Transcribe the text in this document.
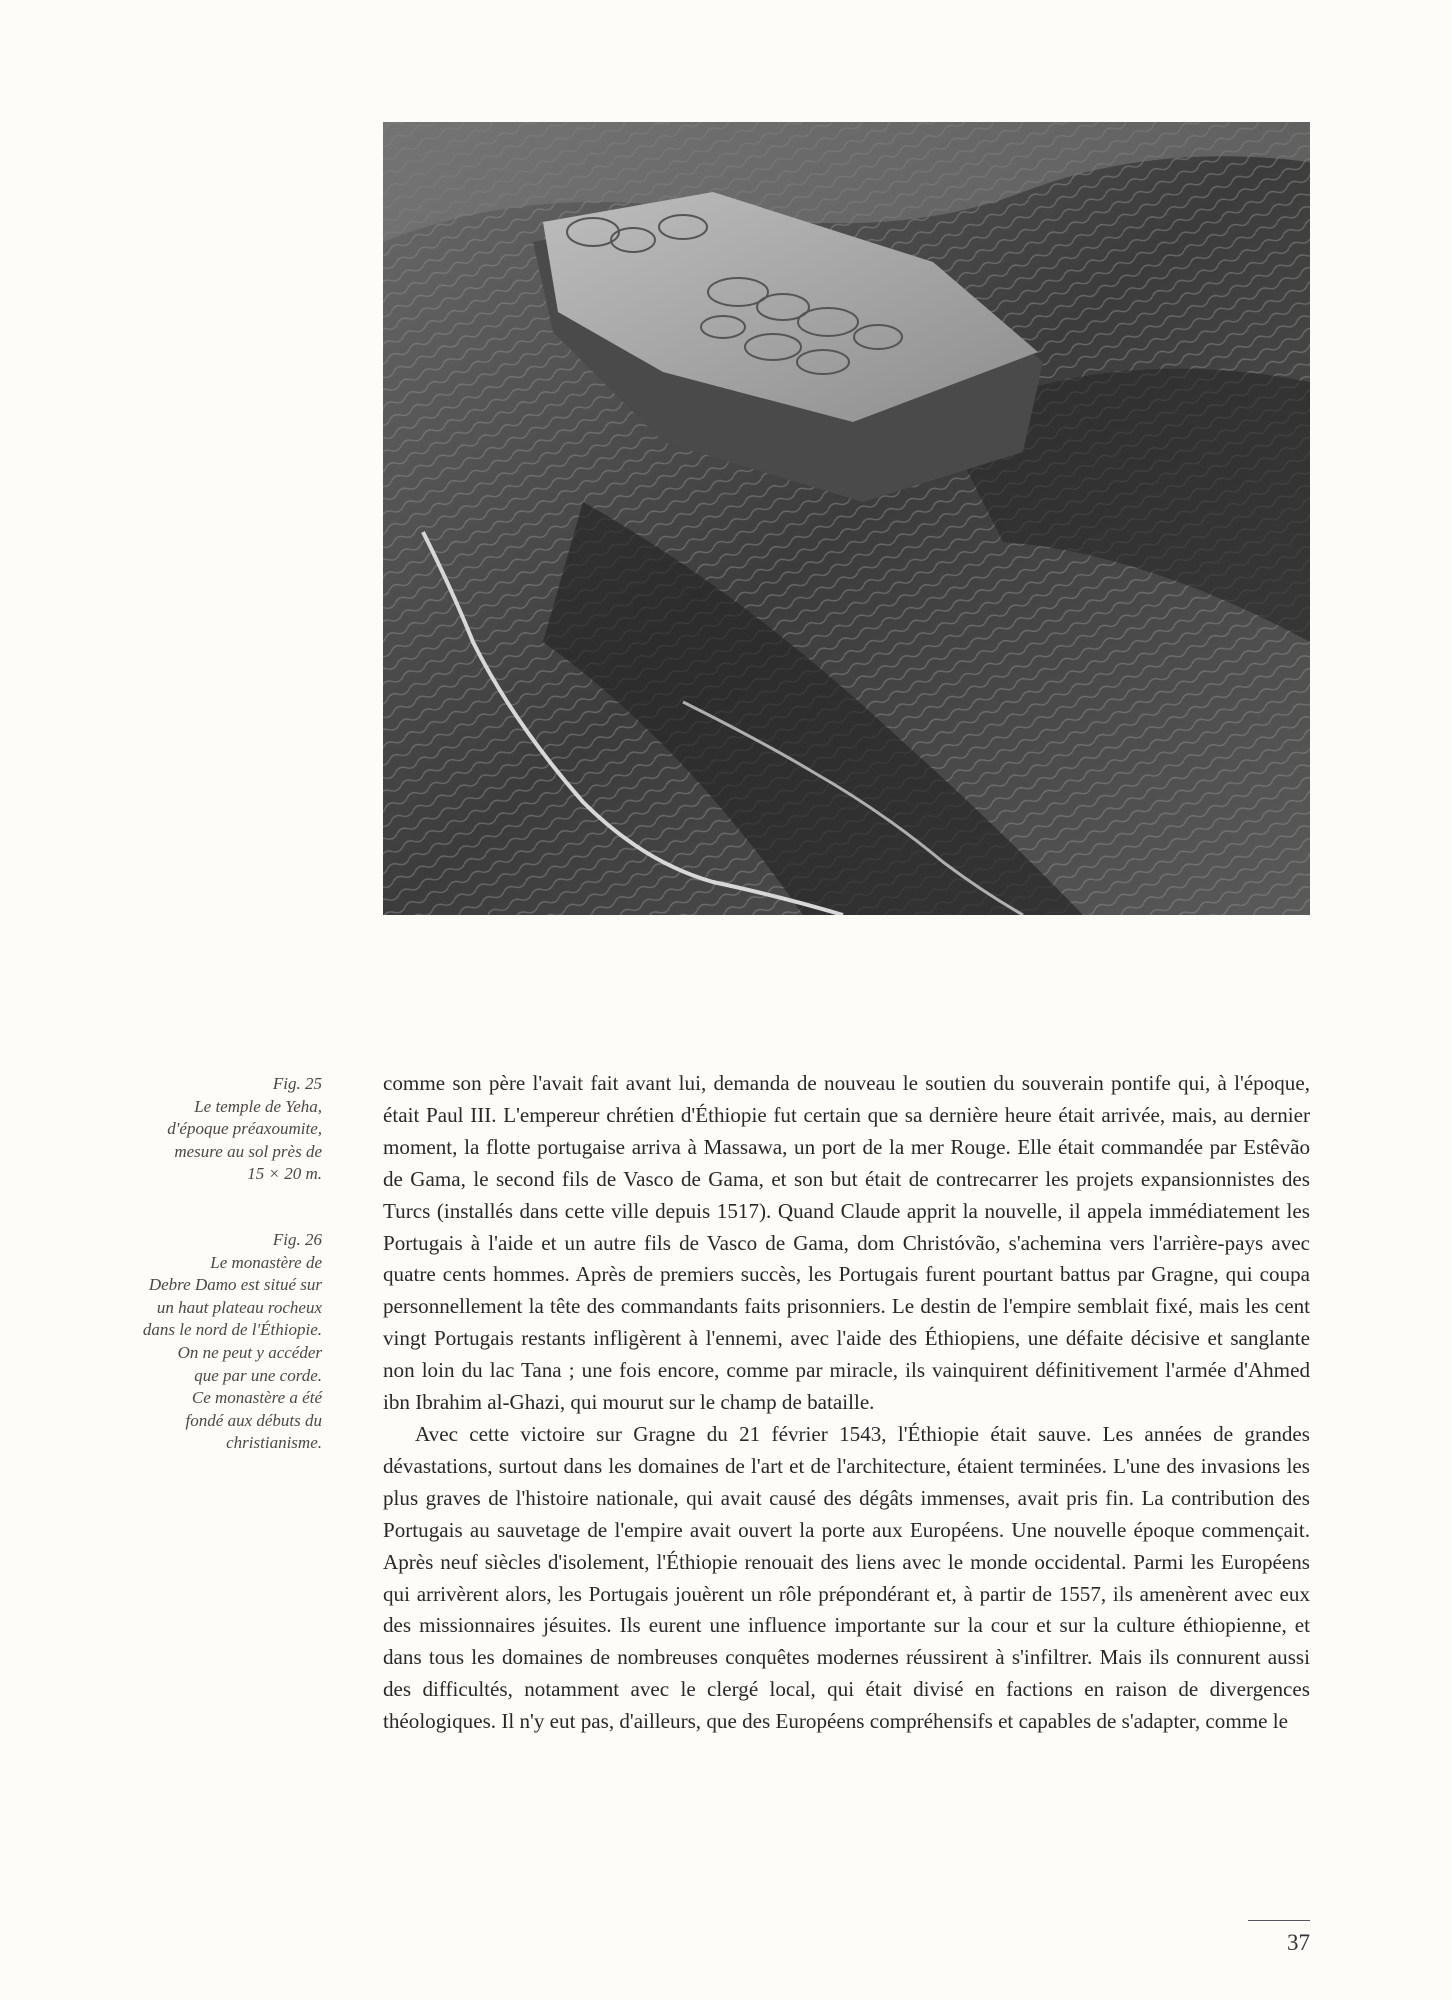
Fig. 25
Le temple de Yeha,
d'époque préaxoumite,
mesure au sol près de
15 × 20 m.
Fig. 26
Le monastère de
Debre Damo est situé sur
un haut plateau rocheux
dans le nord de l'Éthiopie.
On ne peut y accéder
que par une corde.
Ce monastère a été
fondé aux débuts du
christianisme.

comme son père l'avait fait avant lui, demanda de nouveau le soutien du souverain pontife qui, à l'époque, était Paul III. L'empereur chrétien d'Éthiopie fut certain que sa dernière heure était arrivée, mais, au dernier moment, la flotte portugaise arriva à Massawa, un port de la mer Rouge. Elle était commandée par Estêvão de Gama, le second fils de Vasco de Gama, et son but était de contrecarrer les projets expansionnistes des Turcs (installés dans cette ville depuis 1517). Quand Claude apprit la nouvelle, il appela immédiatement les Portugais à l'aide et un autre fils de Vasco de Gama, dom Christóvão, s'achemina vers l'arrière-pays avec quatre cents hommes. Après de premiers succès, les Portugais furent pourtant battus par Gragne, qui coupa personnellement la tête des commandants faits prisonniers. Le destin de l'empire semblait fixé, mais les cent vingt Portugais restants infligèrent à l'ennemi, avec l'aide des Éthiopiens, une défaite décisive et sanglante non loin du lac Tana ; une fois encore, comme par miracle, ils vainquirent définitivement l'armée d'Ahmed ibn Ibrahim al-Ghazi, qui mourut sur le champ de bataille.

Avec cette victoire sur Gragne du 21 février 1543, l'Éthiopie était sauve. Les années de grandes dévastations, surtout dans les domaines de l'art et de l'architecture, étaient terminées. L'une des invasions les plus graves de l'histoire nationale, qui avait causé des dégâts immenses, avait pris fin. La contribution des Portugais au sauvetage de l'empire avait ouvert la porte aux Européens. Une nouvelle époque commençait. Après neuf siècles d'isolement, l'Éthiopie renouait des liens avec le monde occidental. Parmi les Européens qui arrivèrent alors, les Portugais jouèrent un rôle prépondérant et, à partir de 1557, ils amenèrent avec eux des missionnaires jésuites. Ils eurent une influence importante sur la cour et sur la culture éthiopienne, et dans tous les domaines de nombreuses conquêtes modernes réussirent à s'infiltrer. Mais ils connurent aussi des difficultés, notamment avec le clergé local, qui était divisé en factions en raison de divergences théologiques. Il n'y eut pas, d'ailleurs, que des Européens compréhensifs et capables de s'adapter, comme le

37
